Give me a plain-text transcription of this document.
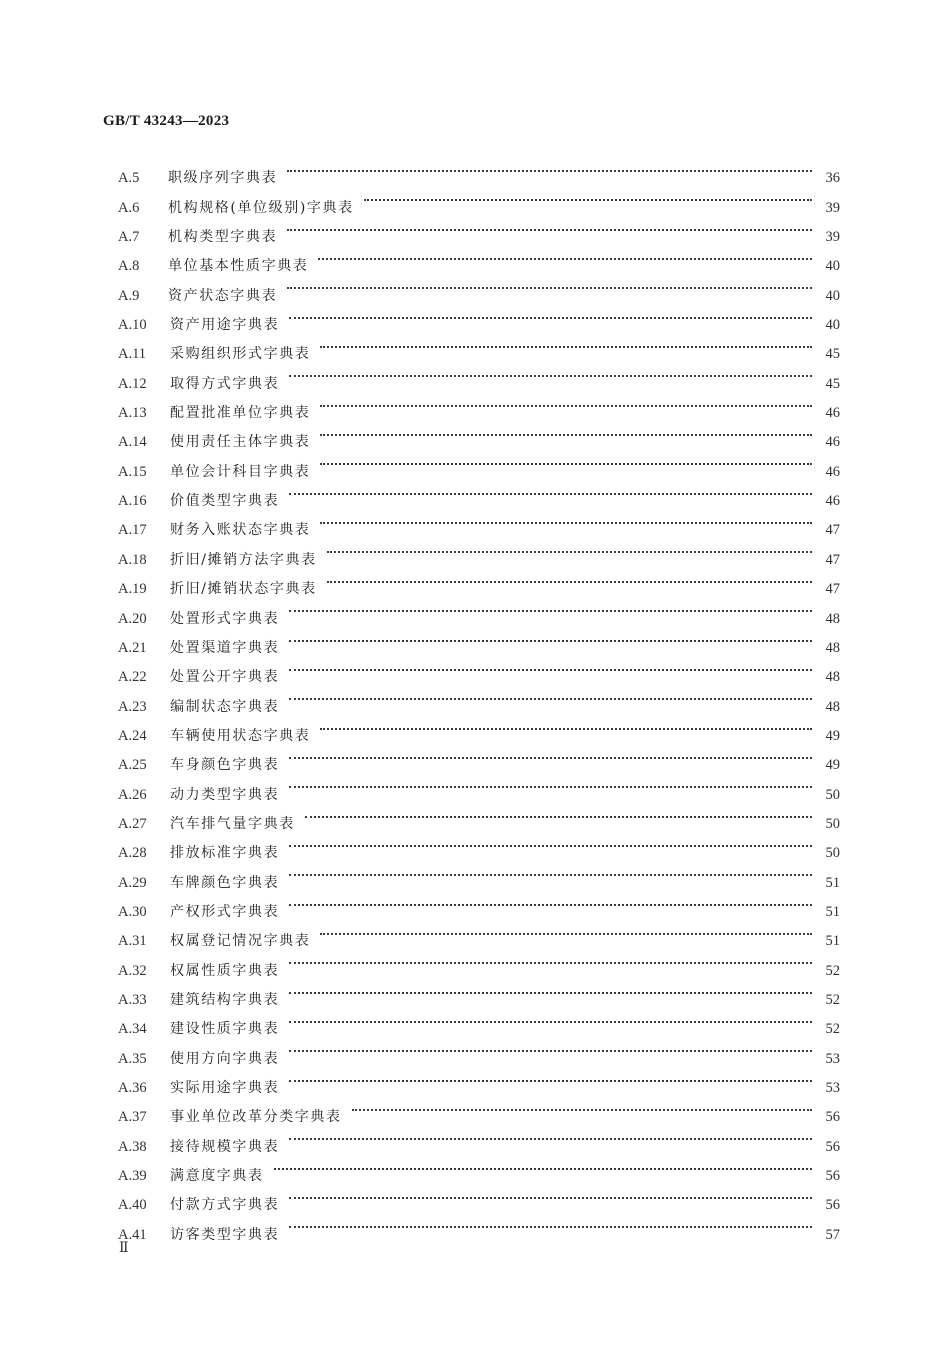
GB/T 43243—2023
A.5	职级序列字典表	36
A.6	机构规格(单位级别)字典表	39
A.7	机构类型字典表	39
A.8	单位基本性质字典表	40
A.9	资产状态字典表	40
A.10	资产用途字典表	40
A.11	采购组织形式字典表	45
A.12	取得方式字典表	45
A.13	配置批准单位字典表	46
A.14	使用责任主体字典表	46
A.15	单位会计科目字典表	46
A.16	价值类型字典表	46
A.17	财务入账状态字典表	47
A.18	折旧/摊销方法字典表	47
A.19	折旧/摊销状态字典表	47
A.20	处置形式字典表	48
A.21	处置渠道字典表	48
A.22	处置公开字典表	48
A.23	编制状态字典表	48
A.24	车辆使用状态字典表	49
A.25	车身颜色字典表	49
A.26	动力类型字典表	50
A.27	汽车排气量字典表	50
A.28	排放标准字典表	50
A.29	车牌颜色字典表	51
A.30	产权形式字典表	51
A.31	权属登记情况字典表	51
A.32	权属性质字典表	52
A.33	建筑结构字典表	52
A.34	建设性质字典表	52
A.35	使用方向字典表	53
A.36	实际用途字典表	53
A.37	事业单位改革分类字典表	56
A.38	接待规模字典表	56
A.39	满意度字典表	56
A.40	付款方式字典表	56
A.41	访客类型字典表	57
Ⅱ
